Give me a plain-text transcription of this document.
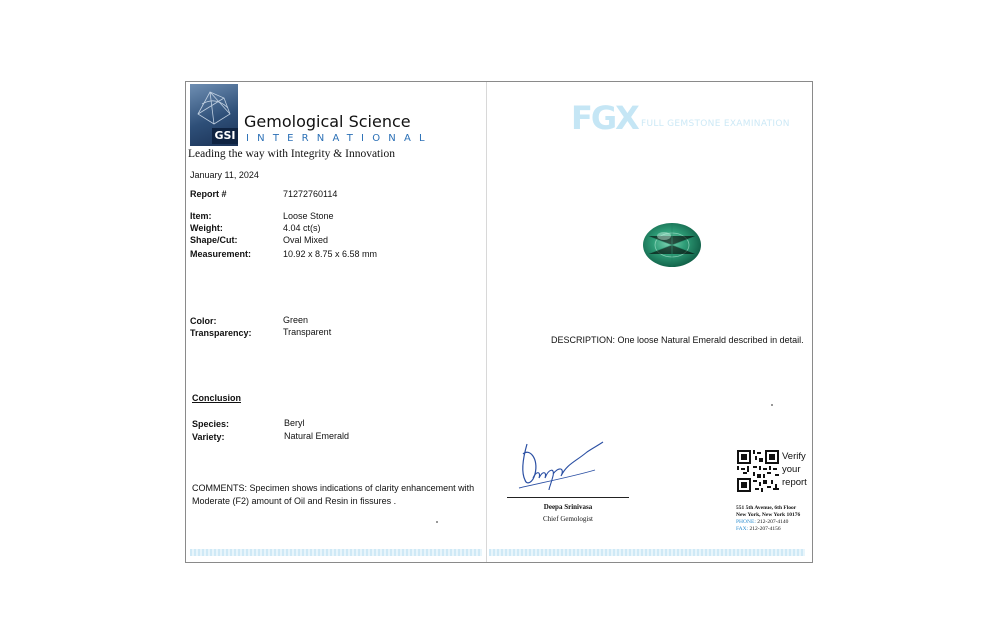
GSI
Gemological Science
INTERNATIONAL
Leading the way with Integrity & Innovation
January 11, 2024
Report #	71272760114
Item:	Loose Stone
Weight:	4.04 ct(s)
Shape/Cut:	Oval Mixed
Measurement:	10.92 x 8.75 x 6.58 mm
Color:	Green
Transparency:	Transparent
Conclusion
Species:	Beryl
Variety:	Natural Emerald
COMMENTS: Specimen shows indications of clarity enhancement with
Moderate (F2) amount of Oil and Resin in fissures .
FGX FULL GEMSTONE EXAMINATION
DESCRIPTION: One loose Natural Emerald described in detail.
Deepa
Deepa Srinivasa
Chief Gemologist
Verify
your
report
551 5th Avenue, 6th Floor
New York, New York 10176
PHONE: 212-207-4140
FAX: 212-207-4156
